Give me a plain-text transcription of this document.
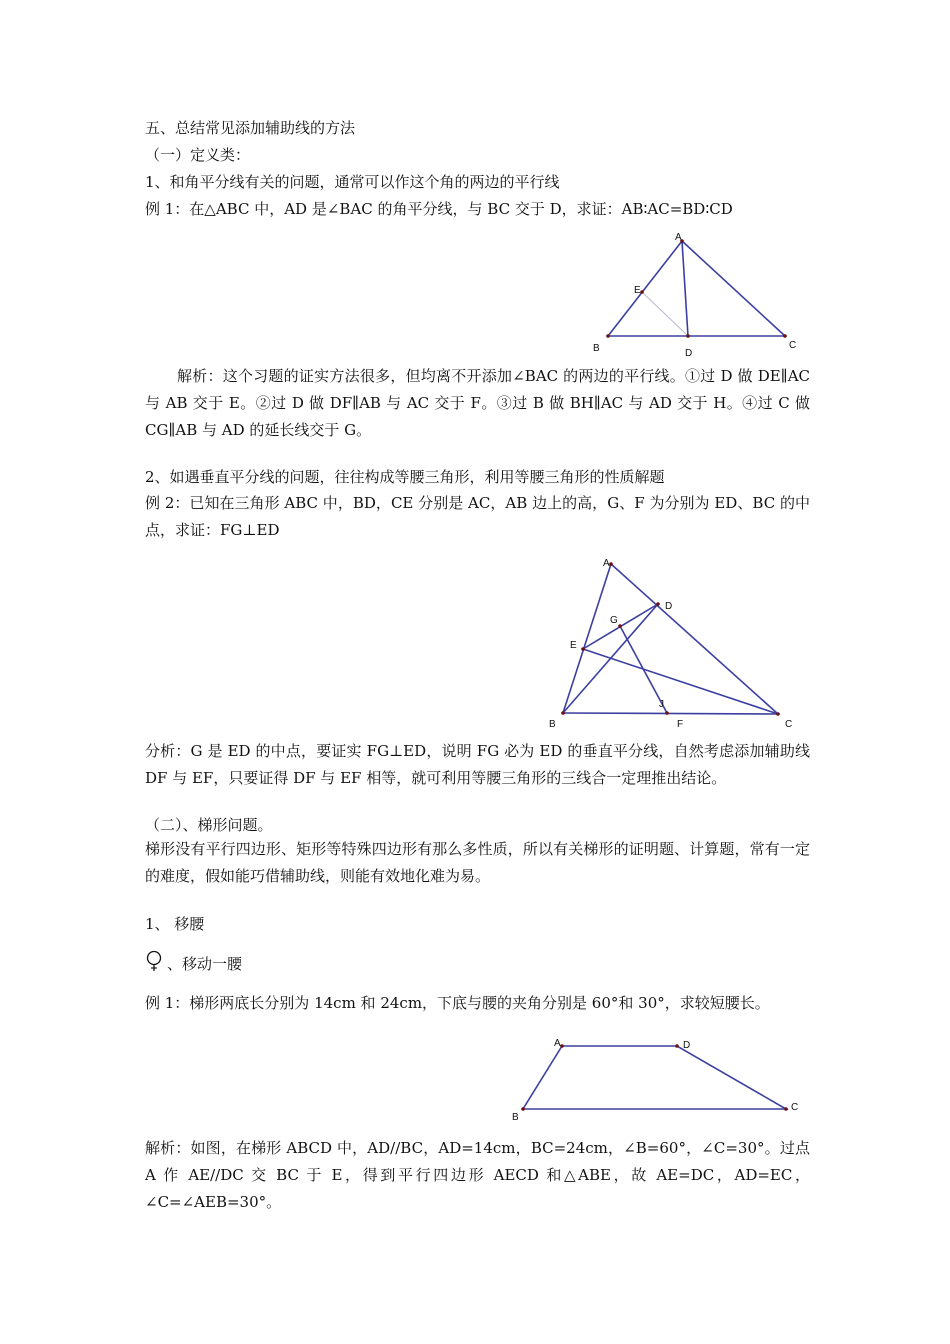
五、总结常见添加辅助线的方法
（一）定义类：
1、和角平分线有关的问题，通常可以作这个角的两边的平行线
例 1：在△ABC 中，AD 是∠BAC 的角平分线，与 BC 交于 D，求证：AB∶AC=BD∶CD
A
E
B	D
C
解析：这个习题的证实方法很多，但均离不开添加∠BAC 的两边的平行线。①过 D 做 DE∥AC 与 AB 交于 E。②过 D 做 DF∥AB 与 AC 交于 F。③过 B 做 BH∥AC 与 AD 交于 H。④过 C 做 CG∥AB 与 AD 的延长线交于 G。
2、如遇垂直平分线的问题，往往构成等腰三角形，利用等腰三角形的性质解题
例 2：已知在三角形 ABC 中，BD，CE 分别是 AC，AB 边上的高，G、F 为分别为 ED、BC 的中点，求证：FG⊥ED
A
D
G
E
J
B	F	C
分析：G 是 ED 的中点，要证实 FG⊥ED，说明 FG 必为 ED 的垂直平分线，自然考虑添加辅助线 DF 与 EF，只要证得 DF 与 EF 相等，就可利用等腰三角形的三线合一定理推出结论。
（二）、梯形问题。
梯形没有平行四边形、矩形等特殊四边形有那么多性质，所以有关梯形的证明题、计算题，常有一定的难度，假如能巧借辅助线，则能有效地化难为易。
1、 移腰
、移动一腰
例 1：梯形两底长分别为 14cm 和 24cm，下底与腰的夹角分别是 60°和 30°，求较短腰长。
A	D
B
C
解析：如图，在梯形 ABCD 中，AD//BC，AD=14cm，BC=24cm，∠B=60°，∠C=30°。过点 A 作 AE//DC 交 BC 于 E，得到平行四边形 AECD 和△ABE，故 AE=DC，AD=EC，∠C=∠AEB=30°。
